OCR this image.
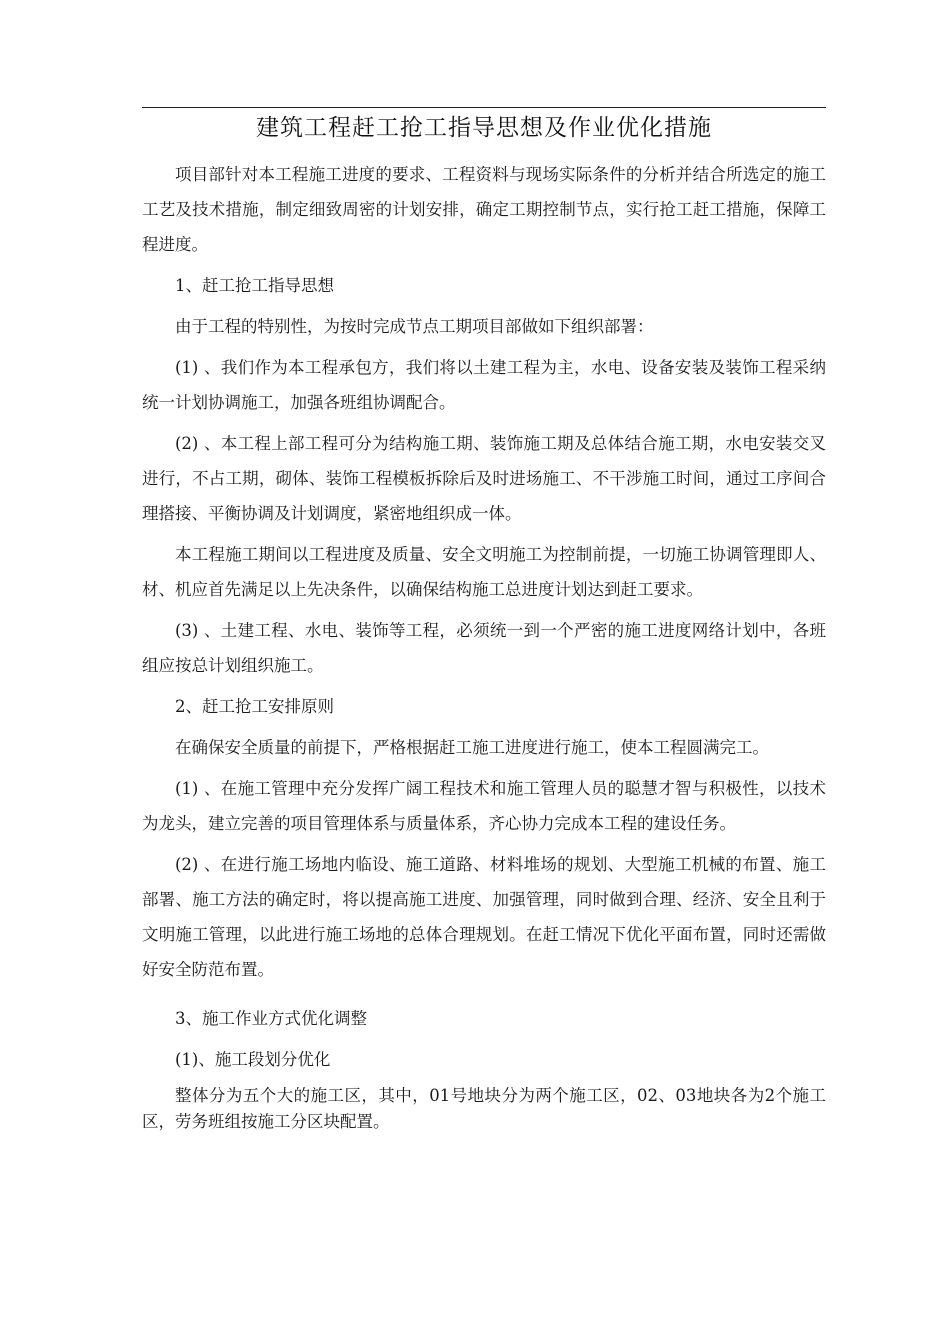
建筑工程赶工抢工指导思想及作业优化措施

项目部针对本工程施工进度的要求、工程资料与现场实际条件的分析并结合所选定的施工工艺及技术措施，制定细致周密的计划安排，确定工期控制节点，实行抢工赶工措施，保障工程进度。

1、赶工抢工指导思想

由于工程的特别性，为按时完成节点工期项目部做如下组织部署：

(1) 、我们作为本工程承包方，我们将以土建工程为主，水电、设备安装及装饰工程采纳统一计划协调施工，加强各班组协调配合。

(2) 、本工程上部工程可分为结构施工期、装饰施工期及总体结合施工期，水电安装交叉进行，不占工期，砌体、装饰工程模板拆除后及时进场施工、不干涉施工时间，通过工序间合理搭接、平衡协调及计划调度，紧密地组织成一体。

本工程施工期间以工程进度及质量、安全文明施工为控制前提，一切施工协调管理即人、材、机应首先满足以上先决条件，以确保结构施工总进度计划达到赶工要求。

(3) 、土建工程、水电、装饰等工程，必须统一到一个严密的施工进度网络计划中，各班组应按总计划组织施工。

2、赶工抢工安排原则

在确保安全质量的前提下，严格根据赶工施工进度进行施工，使本工程圆满完工。

(1) 、在施工管理中充分发挥广阔工程技术和施工管理人员的聪慧才智与积极性，以技术为龙头，建立完善的项目管理体系与质量体系，齐心协力完成本工程的建设任务。

(2) 、在进行施工场地内临设、施工道路、材料堆场的规划、大型施工机械的布置、施工部署、施工方法的确定时，将以提高施工进度、加强管理，同时做到合理、经济、安全且利于文明施工管理，以此进行施工场地的总体合理规划。在赶工情况下优化平面布置，同时还需做好安全防范布置。

3、施工作业方式优化调整

(1)、施工段划分优化

整体分为五个大的施工区，其中，01号地块分为两个施工区，02、03地块各为2个施工区，劳务班组按施工分区块配置。
